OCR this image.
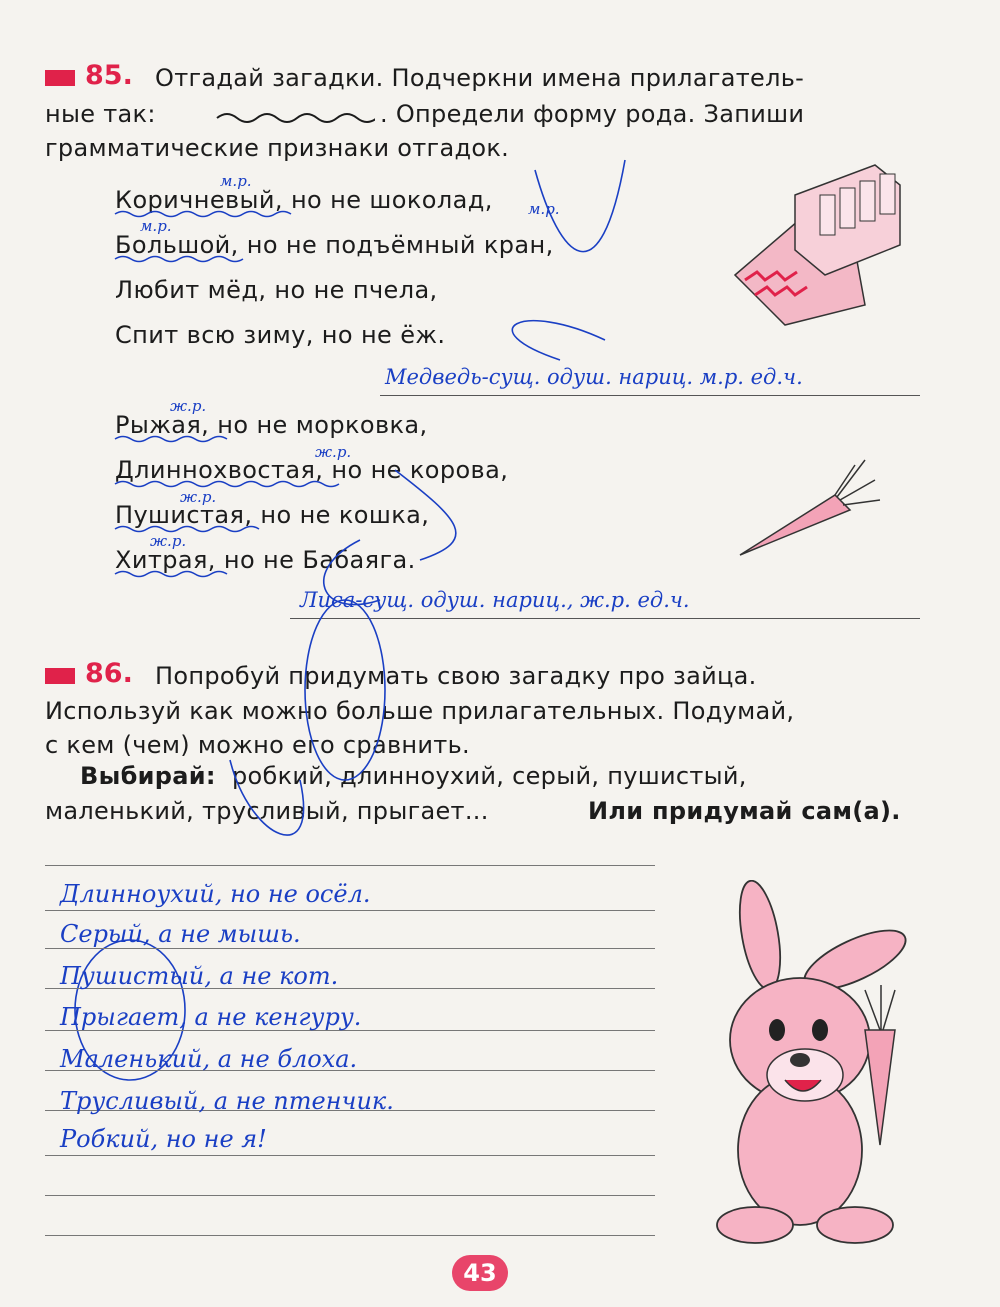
85. Отгадай загадки. Подчеркни имена прилагатель-
ные так:	. Определи форму рода. Запиши
грамматические признаки отгадок.
Коричневый, но не шоколад,
Большой, но не подъёмный кран,
Любит мёд, но не пчела,
Спит всю зиму, но не ёж.
Медведь-сущ. одуш. нариц. м.р. ед.ч.
Рыжая, но не морковка,
Длиннохвостая, но не корова,
Пушистая, но не кошка,
Хитрая, но не Бабаяга.
Лиса-сущ. одуш. нариц., ж.р. ед.ч.
м.р.
м.р.
м.р.
ж.р.
ж.р.
ж.р.
ж.р.
86. Попробуй придумать свою загадку про зайца.
Используй как можно больше прилагательных. Подумай,
с кем (чем) можно его сравнить.
Выбирай: робкий, длинноухий, серый, пушистый,
маленький, трусливый, прыгает...	Или придумай сам(а).
Длинноухий, но не осёл.
Серый, а не мышь.
Пушистый, а не кот.
Прыгает, а не кенгуру.
Маленький, а не блоха.
Трусливый, а не птенчик.
Робкий, но не я!
43
